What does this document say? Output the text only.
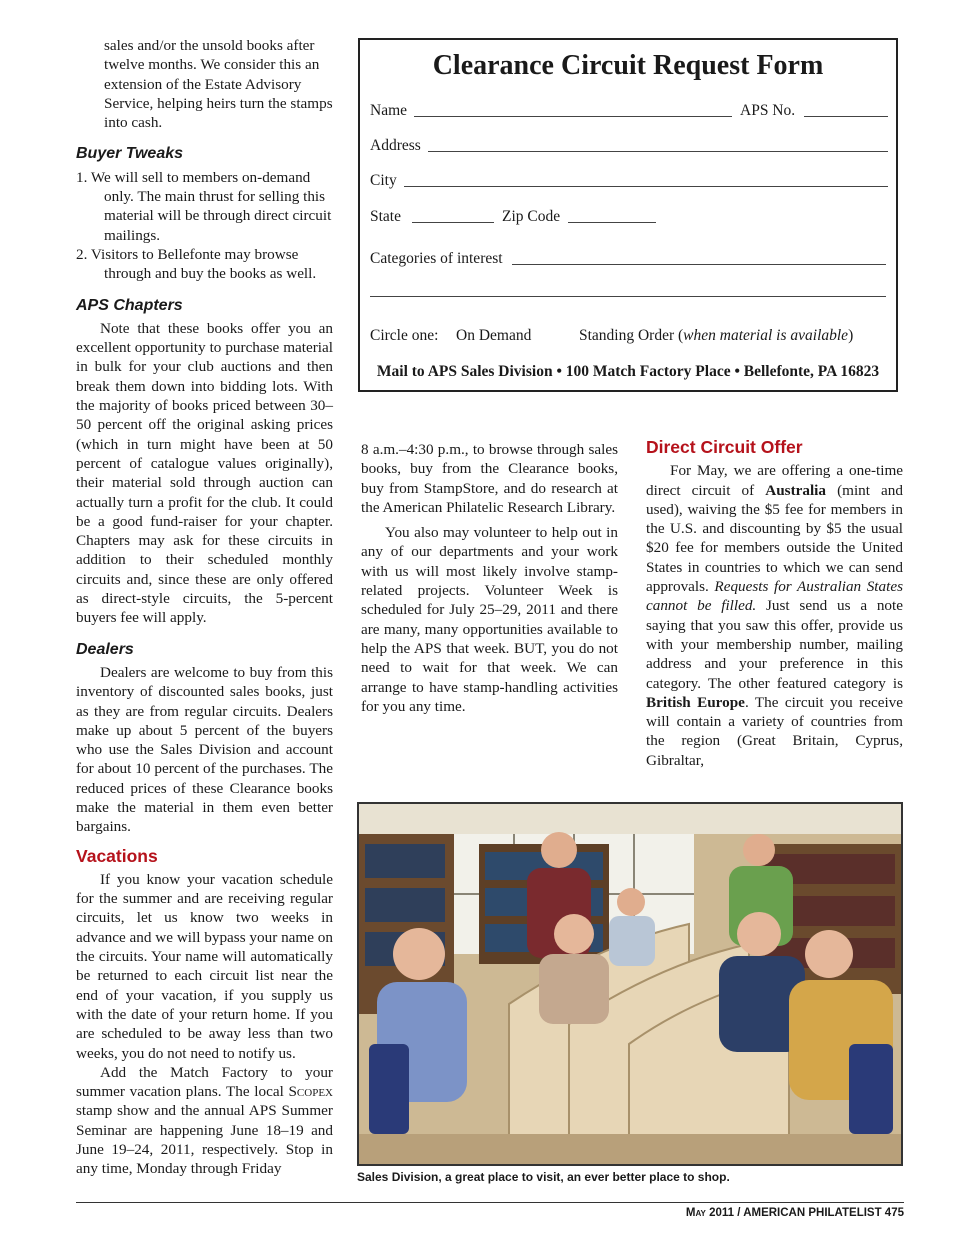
sales and/or the unsold books after twelve months. We consider this an extension of the Estate Advisory Service, helping heirs turn the stamps into cash.

Buyer Tweaks

1. We will sell to members on-demand only. The main thrust for selling this material will be through direct circuit mailings.

2. Visitors to Bellefonte may browse through and buy the books as well.

APS Chapters

Note that these books offer you an excellent opportunity to purchase material in bulk for your club auctions and then break them down into bidding lots. With the majority of books priced between 30–50 percent off the original asking prices (which in turn might have been at 50 percent of catalogue values originally), their material sold through auction can actually turn a profit for the club. It could be a good fund-raiser for your chapter. Chapters may ask for these circuits in addition to their scheduled monthly circuits and, since these are only offered as direct-style circuits, the 5-percent buyers fee will apply.

Dealers

Dealers are welcome to buy from this inventory of discounted sales books, just as they are from regular circuits. Dealers make up about 5 percent of the buyers who use the Sales Division and account for about 10 percent of the purchases. The reduced prices of these Clearance books make the material in them even better bargains.

Vacations

If you know your vacation schedule for the summer and are receiving regular circuits, let us know two weeks in advance and we will bypass your name on the circuits. Your name will automatically be returned to each circuit list near the end of your vacation, if you supply us with the date of your return home. If you are scheduled to be away less than two weeks, you do not need to notify us.

Add the Match Factory to your summer vacation plans. The local Scopex stamp show and the annual APS Summer Seminar are happening June 18–19 and June 19–24, 2011, respectively. Stop in any time, Monday through Friday

Clearance Circuit Request Form
Name	APS No.
Address
City
State	Zip Code
Categories of interest
Circle one: On Demand	Standing Order (when material is available)
Mail to APS Sales Division • 100 Match Factory Place • Bellefonte, PA 16823

8 a.m.–4:30 p.m., to browse through sales books, buy from the Clearance books, buy from StampStore, and do research at the American Philatelic Research Library.

You also may volunteer to help out in any of our departments and your work with us will most likely involve stamp-related projects. Volunteer Week is scheduled for July 25–29, 2011 and there are many, many opportunities available to help the APS that week. BUT, you do not need to wait for that week. We can arrange to have stamp-handling activities for you any time.

Direct Circuit Offer

For May, we are offering a one-time direct circuit of Australia (mint and used), waiving the $5 fee for members in the U.S. and discounting by $5 the usual $20 fee for members outside the United States in countries to which we can send approvals. Requests for Australian States cannot be filled. Just send us a note saying that you saw this offer, provide us with your membership number, mailing address and your preference in this category. The other featured category is British Europe. The circuit you receive will contain a variety of countries from the region (Great Britain, Cyprus, Gibraltar,

Sales Division, a great place to visit, an ever better place to shop.
May 2011 / AMERICAN PHILATELIST 475
